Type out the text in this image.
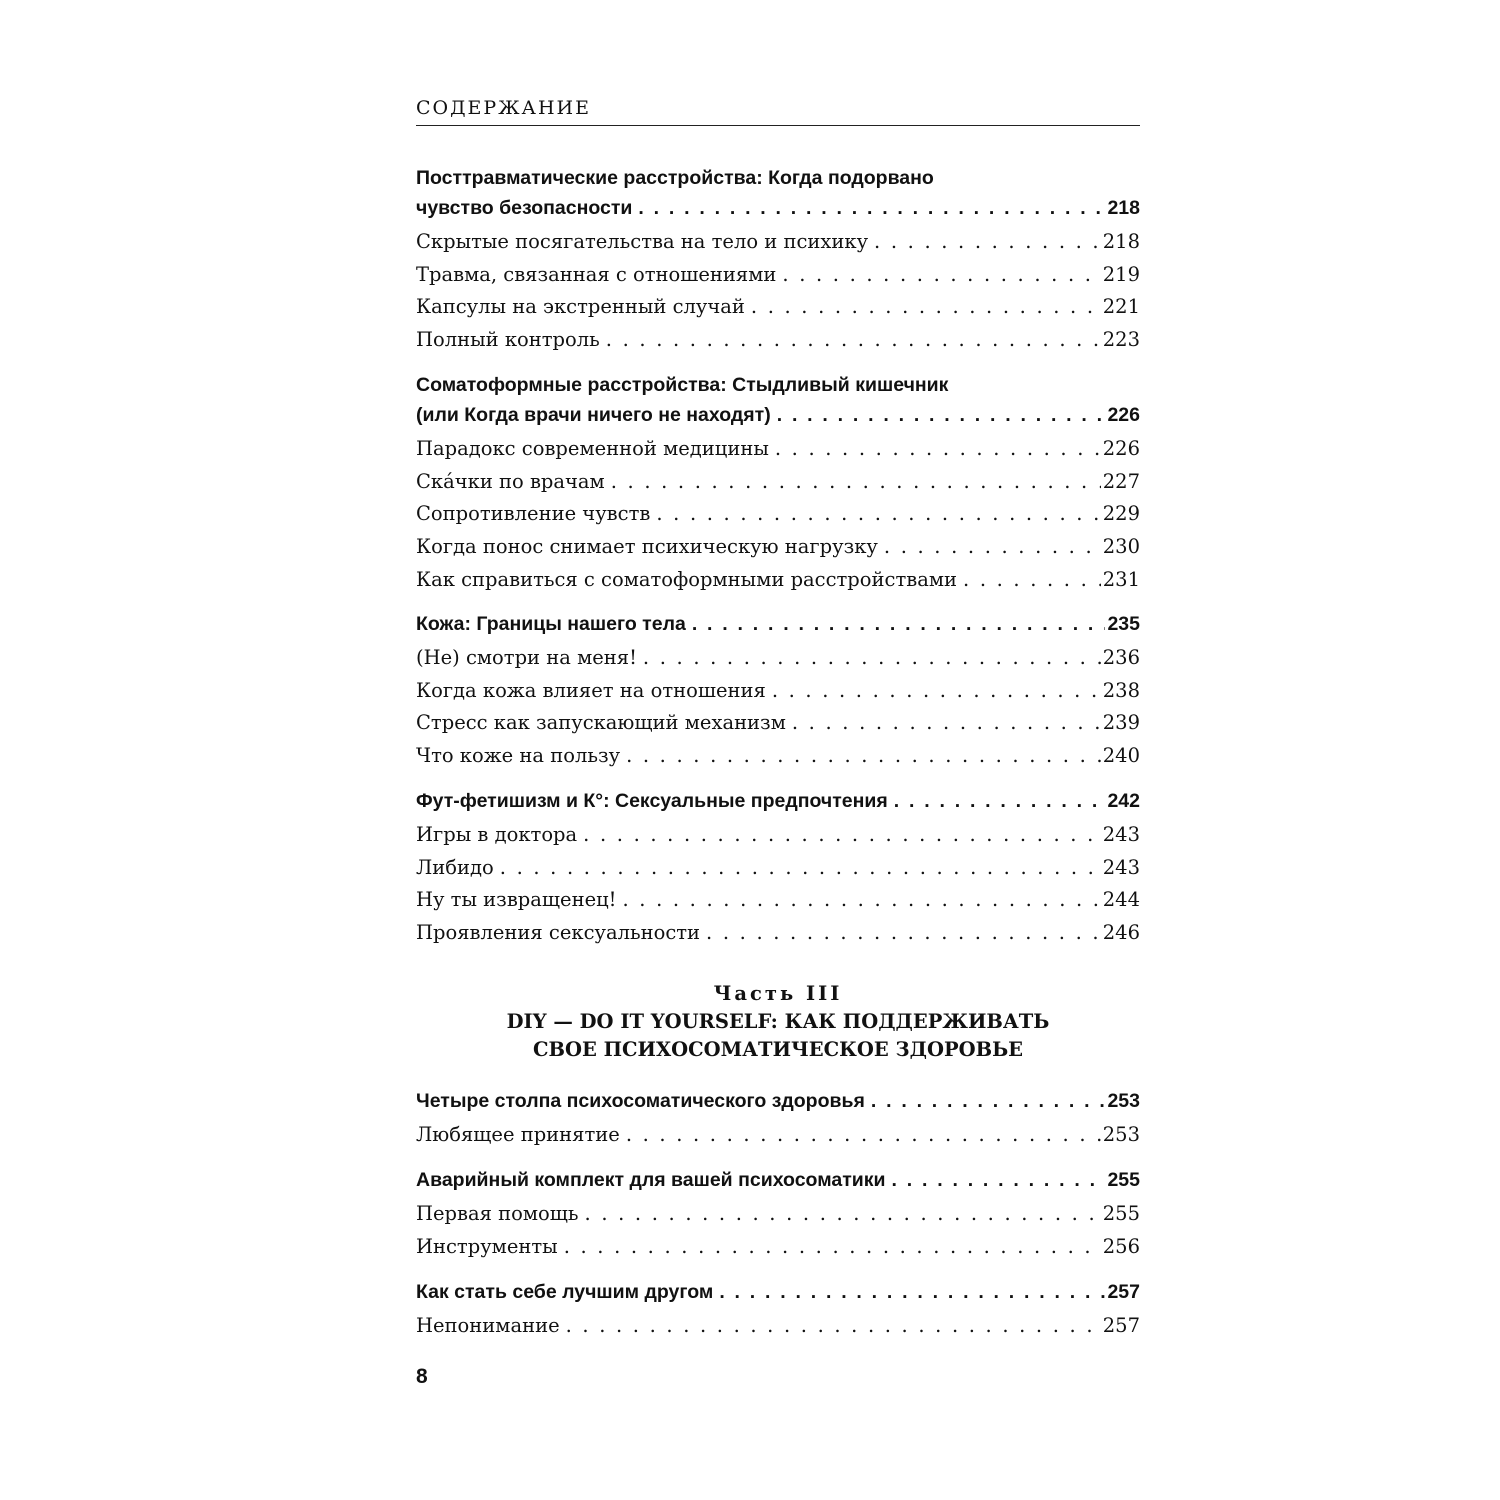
СОДЕРЖАНИЕ
Посттравматические расстройства: Когда подорвано
чувство безопасности . . .	218
Скрытые посягательства на тело и психику . . .	218
Травма, связанная с отношениями . . .	219
Капсулы на экстренный случай . . .	221
Полный контроль . . .	223
Соматоформные расстройства: Стыдливый кишечник
(или Когда врачи ничего не находят) . . .	226
Парадокс современной медицины . . .	226
Скáчки по врачам . . .	227
Сопротивление чувств . . .	229
Когда понос снимает психическую нагрузку . . .	230
Как справиться с соматоформными расстройствами . . .	231
Кожа: Границы нашего тела . . .	235
(Не) смотри на меня! . . .	236
Когда кожа влияет на отношения . . .	238
Стресс как запускающий механизм . . .	239
Что коже на пользу . . .	240
Фут-фетишизм и К°: Сексуальные предпочтения . . .	242
Игры в доктора . . .	243
Либидо . . .	243
Ну ты извращенец! . . .	244
Проявления сексуальности . . .	246
Часть III
DIY — DO IT YOURSELF: КАК ПОДДЕРЖИВАТЬ
СВОЕ ПСИХОСОМАТИЧЕСКОЕ ЗДОРОВЬЕ
Четыре столпа психосоматического здоровья . . .	253
Любящее принятие . . .	253
Аварийный комплект для вашей психосоматики . . .	255
Первая помощь . . .	255
Инструменты . . .	256
Как стать себе лучшим другом . . .	257
Непонимание . . .	257
8
